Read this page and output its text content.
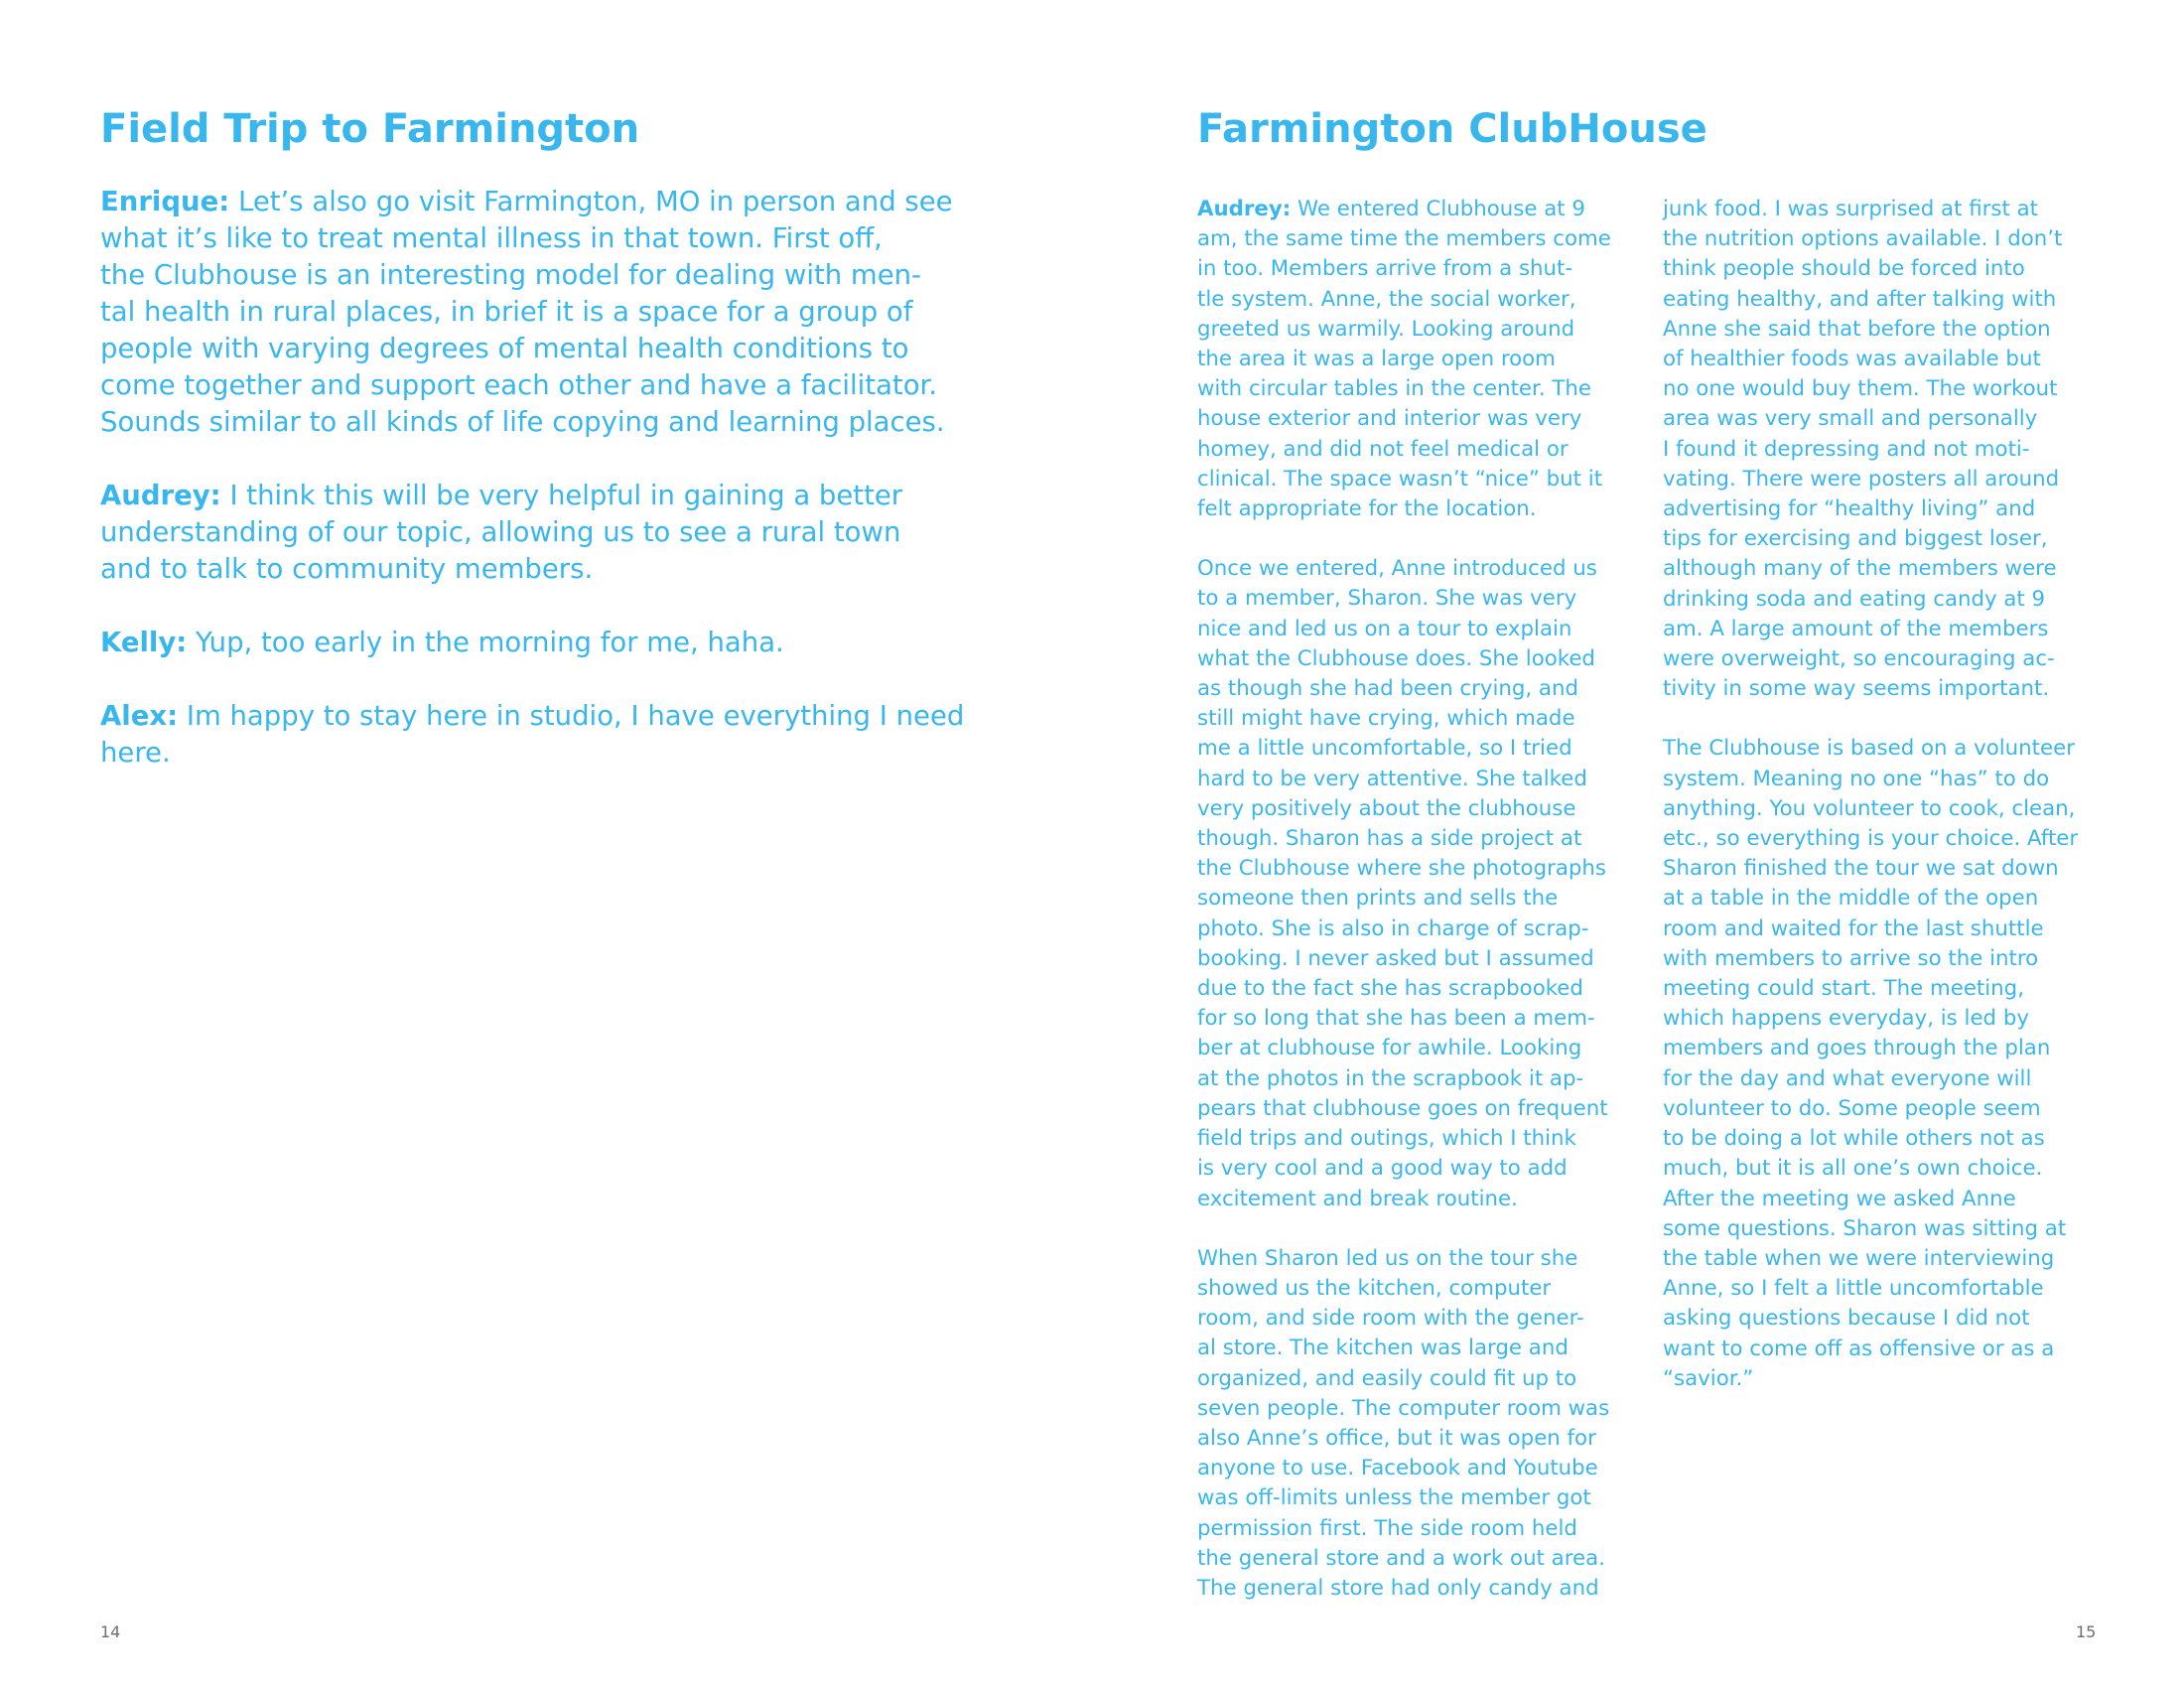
Field Trip to Farmington

Enrique: Let’s also go visit Farmington, MO in person and see
what it’s like to treat mental illness in that town. First off,
the Clubhouse is an interesting model for dealing with men-
tal health in rural places, in brief it is a space for a group of
people with varying degrees of mental health conditions to
come together and support each other and have a facilitator.
Sounds similar to all kinds of life copying and learning places.

Audrey: I think this will be very helpful in gaining a better
understanding of our topic, allowing us to see a rural town
and to talk to community members.

Kelly: Yup, too early in the morning for me, haha.

Alex: Im happy to stay here in studio, I have everything I need
here.

14
Farmington ClubHouse

Audrey: We entered Clubhouse at 9
am, the same time the members come
in too. Members arrive from a shut-
tle system. Anne, the social worker,
greeted us warmily. Looking around
the area it was a large open room
with circular tables in the center. The
house exterior and interior was very
homey, and did not feel medical or
clinical. The space wasn’t “nice” but it
felt appropriate for the location.

Once we entered, Anne introduced us
to a member, Sharon. She was very
nice and led us on a tour to explain
what the Clubhouse does. She looked
as though she had been crying, and
still might have crying, which made
me a little uncomfortable, so I tried
hard to be very attentive. She talked
very positively about the clubhouse
though. Sharon has a side project at
the Clubhouse where she photographs
someone then prints and sells the
photo. She is also in charge of scrap-
booking. I never asked but I assumed
due to the fact she has scrapbooked
for so long that she has been a mem-
ber at clubhouse for awhile. Looking
at the photos in the scrapbook it ap-
pears that clubhouse goes on frequent
field trips and outings, which I think
is very cool and a good way to add
excitement and break routine.

When Sharon led us on the tour she
showed us the kitchen, computer
room, and side room with the gener-
al store. The kitchen was large and
organized, and easily could fit up to
seven people. The computer room was
also Anne’s office, but it was open for
anyone to use. Facebook and Youtube
was off-limits unless the member got
permission first. The side room held
the general store and a work out area.
The general store had only candy and

junk food. I was surprised at first at
the nutrition options available. I don’t
think people should be forced into
eating healthy, and after talking with
Anne she said that before the option
of healthier foods was available but
no one would buy them. The workout
area was very small and personally
I found it depressing and not moti-
vating. There were posters all around
advertising for “healthy living” and
tips for exercising and biggest loser,
although many of the members were
drinking soda and eating candy at 9
am. A large amount of the members
were overweight, so encouraging ac-
tivity in some way seems important.

The Clubhouse is based on a volunteer
system. Meaning no one “has” to do
anything. You volunteer to cook, clean,
etc., so everything is your choice. After
Sharon finished the tour we sat down
at a table in the middle of the open
room and waited for the last shuttle
with members to arrive so the intro
meeting could start. The meeting,
which happens everyday, is led by
members and goes through the plan
for the day and what everyone will
volunteer to do. Some people seem
to be doing a lot while others not as
much, but it is all one’s own choice.
After the meeting we asked Anne
some questions. Sharon was sitting at
the table when we were interviewing
Anne, so I felt a little uncomfortable
asking questions because I did not
want to come off as offensive or as a
“savior.”

15
